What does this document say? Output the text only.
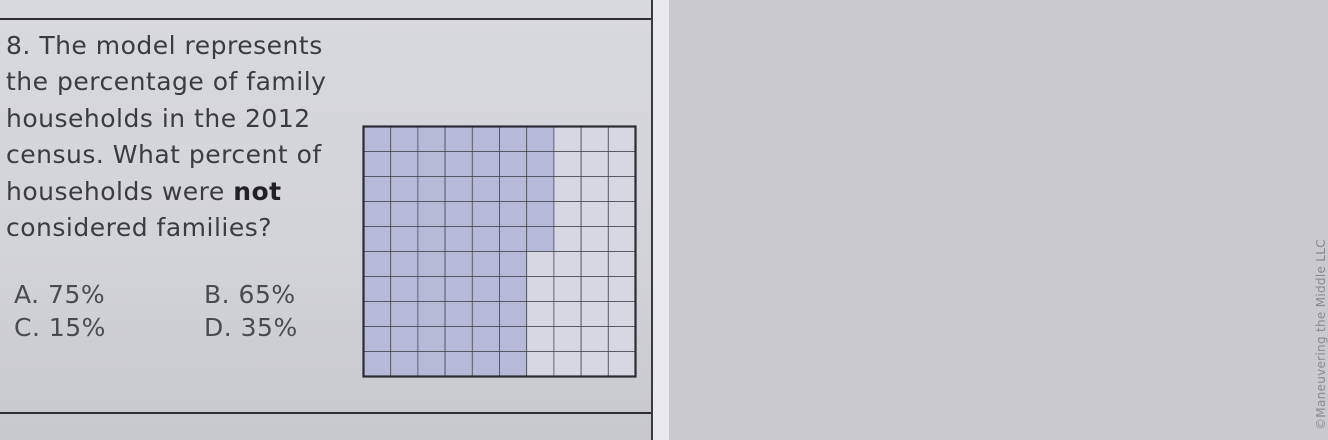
8. The model represents
the percentage of family
households in the 2012
census. What percent of
households were not
considered families?
A. 75%	B. 65%
C. 15%	D. 35%	©Maneuvering the Middle LLC
